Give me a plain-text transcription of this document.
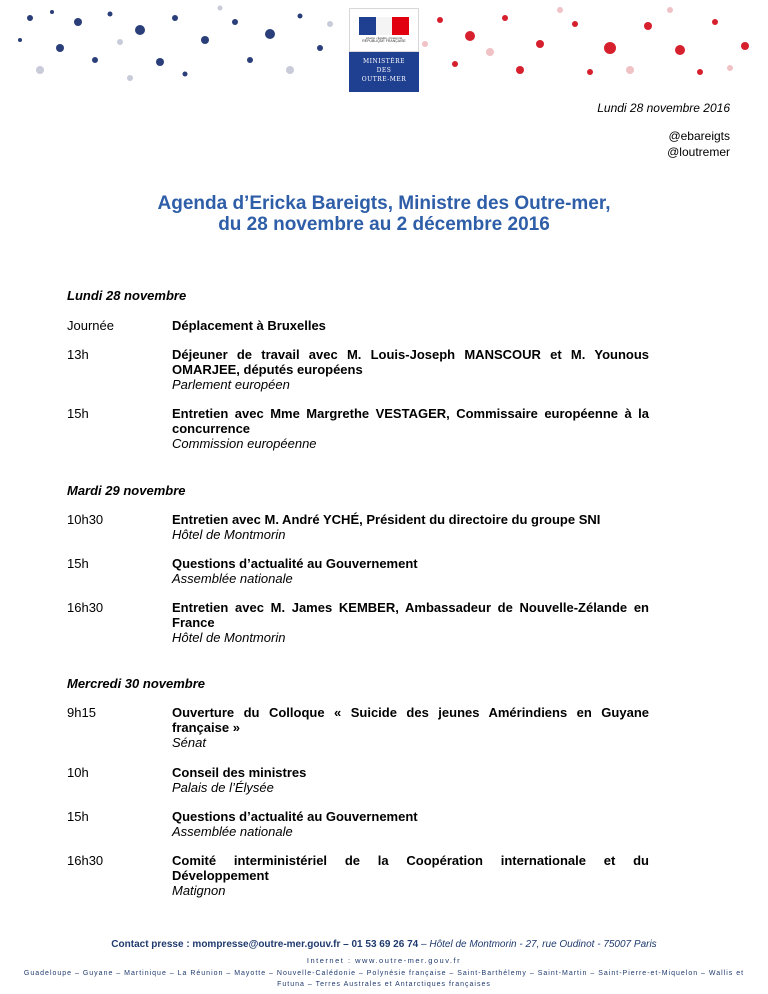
Liberté • Égalité • Fraternité
RÉPUBLIQUE FRANÇAISE
MINISTÈRE
DES
OUTRE-MER
Lundi 28 novembre 2016
@ebareigts
@loutremer
Agenda d’Ericka Bareigts, Ministre des Outre-mer,
du 28 novembre au 2 décembre 2016
Lundi 28 novembre
Journée	Déplacement à Bruxelles
13h	Déjeuner de travail avec M. Louis-Joseph MANSCOUR et M. Younous OMARJEE, députés européens
Parlement européen
15h	Entretien avec Mme Margrethe VESTAGER, Commissaire européenne à la concurrence
Commission européenne
Mardi 29 novembre
10h30	Entretien avec M. André YCHÉ, Président du directoire du groupe SNI
Hôtel de Montmorin
15h	Questions d’actualité au Gouvernement
Assemblée nationale
16h30	Entretien avec M. James KEMBER, Ambassadeur de Nouvelle-Zélande en France
Hôtel de Montmorin
Mercredi 30 novembre
9h15	Ouverture du Colloque « Suicide des jeunes Amérindiens en Guyane française »
Sénat
10h	Conseil des ministres
Palais de l’Élysée
15h	Questions d’actualité au Gouvernement
Assemblée nationale
16h30	Comité interministériel de la Coopération internationale et du Développement
Matignon
Contact presse : mompresse@outre-mer.gouv.fr – 01 53 69 26 74 – Hôtel de Montmorin - 27, rue Oudinot - 75007 Paris
Internet : www.outre-mer.gouv.fr
Guadeloupe – Guyane – Martinique – La Réunion – Mayotte – Nouvelle-Calédonie – Polynésie française – Saint-Barthélemy – Saint-Martin – Saint-Pierre-et-Miquelon – Wallis et Futuna – Terres Australes et Antarctiques françaises
